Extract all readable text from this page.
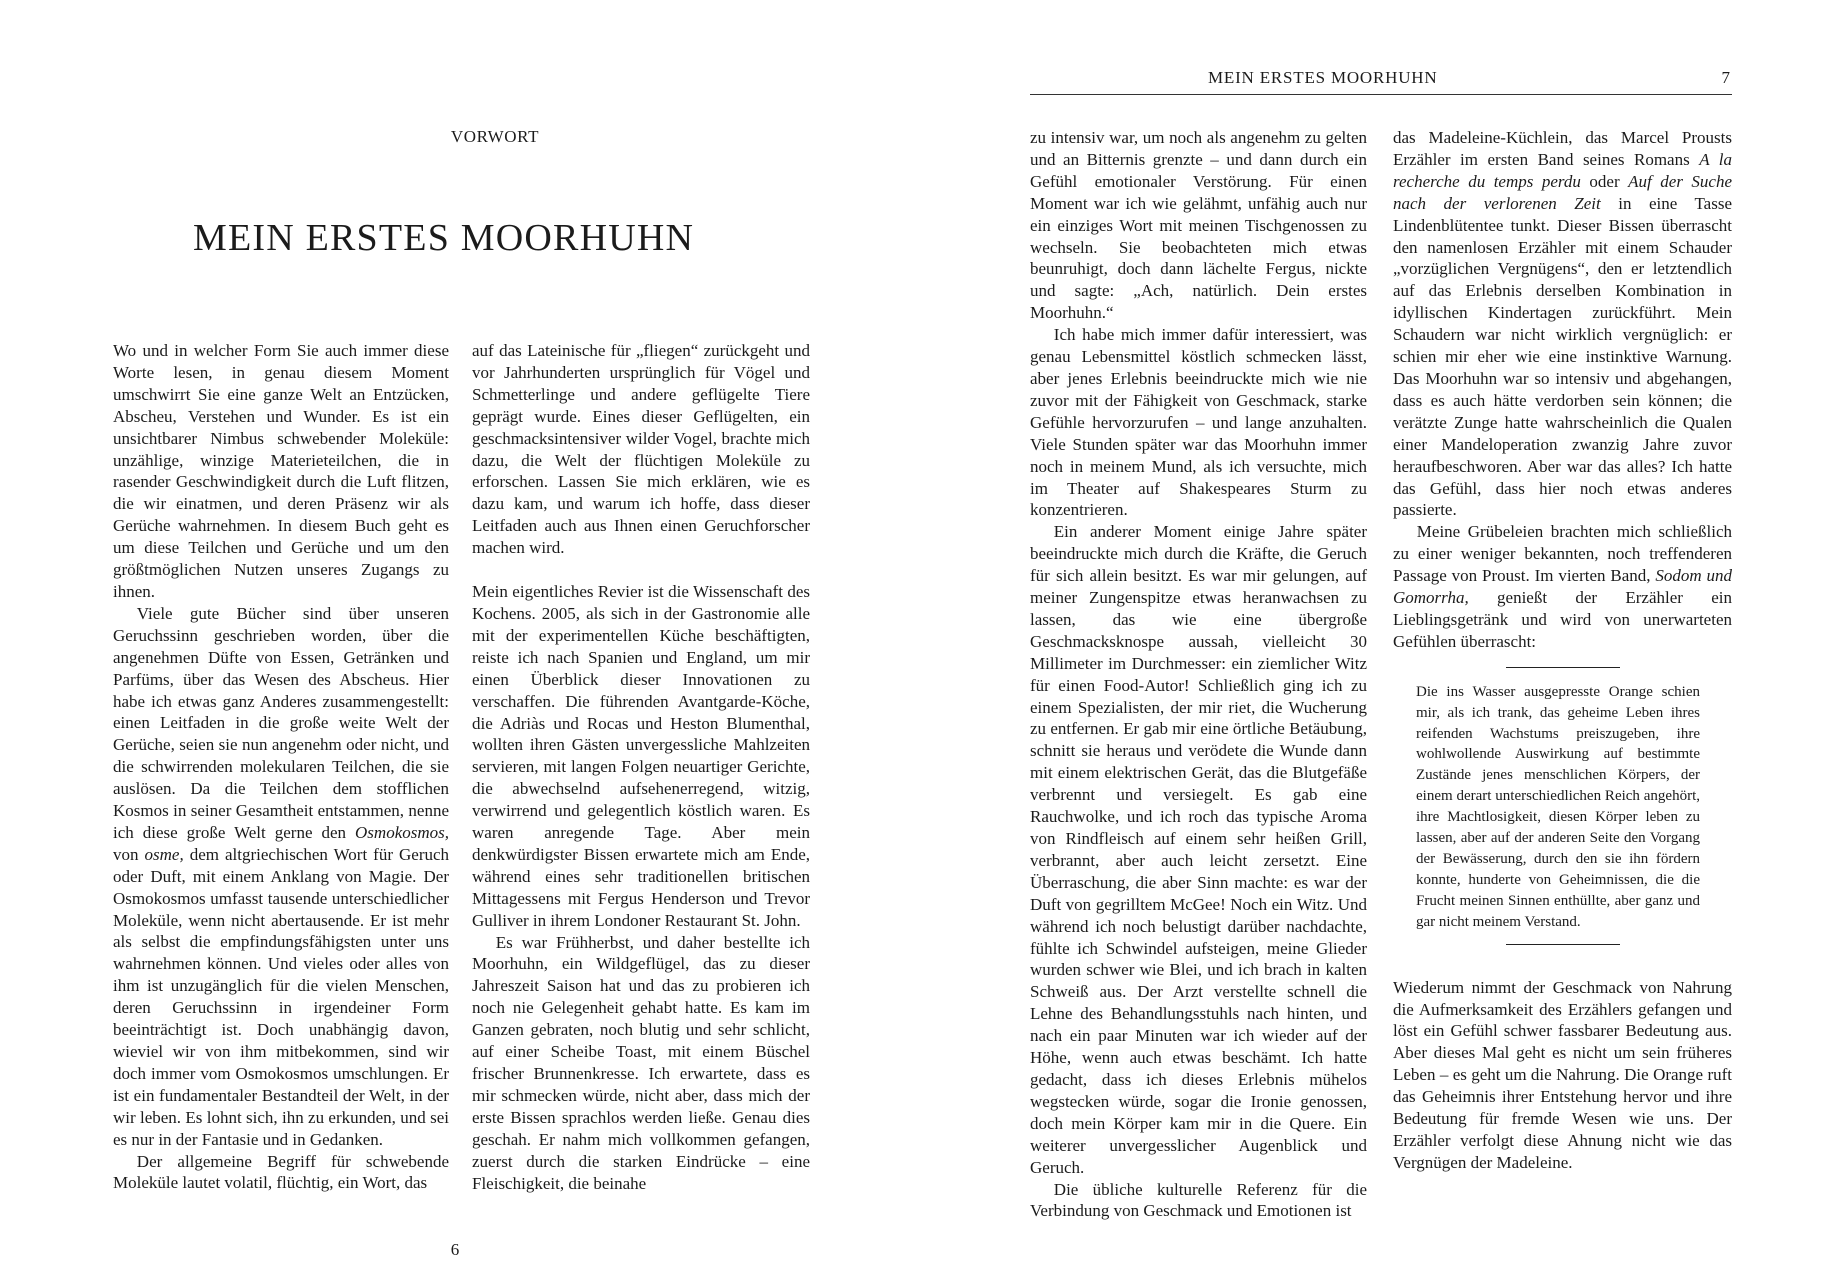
VORWORT
MEIN ERSTES MOORHUHN

Wo und in welcher Form Sie auch immer diese Worte lesen, in genau diesem Moment umschwirrt Sie eine ganze Welt an Entzücken, Abscheu, Verstehen und Wunder. Es ist ein unsichtbarer Nimbus schwebender Moleküle: unzählige, winzige Materieteilchen, die in rasender Geschwindigkeit durch die Luft flitzen, die wir einatmen, und deren Präsenz wir als Gerüche wahrnehmen. In diesem Buch geht es um diese Teilchen und Gerüche und um den größtmöglichen Nutzen unseres Zugangs zu ihnen.

Viele gute Bücher sind über unseren Geruchssinn geschrieben worden, über die angenehmen Düfte von Essen, Getränken und Parfüms, über das Wesen des Abscheus. Hier habe ich etwas ganz Anderes zusammengestellt: einen Leitfaden in die große weite Welt der Gerüche, seien sie nun angenehm oder nicht, und die schwirrenden molekularen Teilchen, die sie auslösen. Da die Teilchen dem stofflichen Kosmos in seiner Gesamtheit entstammen, nenne ich diese große Welt gerne den Osmokosmos, von osme, dem altgriechischen Wort für Geruch oder Duft, mit einem Anklang von Magie. Der Osmokosmos umfasst tausende unterschiedlicher Moleküle, wenn nicht abertausende. Er ist mehr als selbst die empfindungsfähigsten unter uns wahrnehmen können. Und vieles oder alles von ihm ist unzugänglich für die vielen Menschen, deren Geruchssinn in irgendeiner Form beeinträchtigt ist. Doch unabhängig davon, wieviel wir von ihm mitbekommen, sind wir doch immer vom Osmokosmos umschlungen. Er ist ein fundamentaler Bestandteil der Welt, in der wir leben. Es lohnt sich, ihn zu erkunden, und sei es nur in der Fantasie und in Gedanken.

Der allgemeine Begriff für schwebende Moleküle lautet volatil, flüchtig, ein Wort, das

auf das Lateinische für „fliegen“ zurückgeht und vor Jahrhunderten ursprünglich für Vögel und Schmetterlinge und andere geflügelte Tiere geprägt wurde. Eines dieser Geflügelten, ein geschmacksintensiver wilder Vogel, brachte mich dazu, die Welt der flüchtigen Moleküle zu erforschen. Lassen Sie mich erklären, wie es dazu kam, und warum ich hoffe, dass dieser Leitfaden auch aus Ihnen einen Geruchforscher machen wird.

Mein eigentliches Revier ist die Wissenschaft des Kochens. 2005, als sich in der Gastronomie alle mit der experimentellen Küche beschäftigten, reiste ich nach Spanien und England, um mir einen Überblick dieser Innovationen zu verschaffen. Die führenden Avantgarde-Köche, die Adriàs und Rocas und Heston Blumenthal, wollten ihren Gästen unvergessliche Mahlzeiten servieren, mit langen Folgen neuartiger Gerichte, die abwechselnd aufsehenerregend, witzig, verwirrend und gelegentlich köstlich waren. Es waren anregende Tage. Aber mein denkwürdigster Bissen erwartete mich am Ende, während eines sehr traditionellen britischen Mittagessens mit Fergus Henderson und Trevor Gulliver in ihrem Londoner Restaurant St. John.

Es war Frühherbst, und daher bestellte ich Moorhuhn, ein Wildgeflügel, das zu dieser Jahreszeit Saison hat und das zu probieren ich noch nie Gelegenheit gehabt hatte. Es kam im Ganzen gebraten, noch blutig und sehr schlicht, auf einer Scheibe Toast, mit einem Büschel frischer Brunnenkresse. Ich erwartete, dass es mir schmecken würde, nicht aber, dass mich der erste Bissen sprachlos werden ließe. Genau dies geschah. Er nahm mich vollkommen gefangen, zuerst durch die starken Eindrücke – eine Fleischigkeit, die beinahe

6
MEIN ERSTES MOORHUHN	7

zu intensiv war, um noch als angenehm zu gelten und an Bitternis grenzte – und dann durch ein Gefühl emotionaler Verstörung. Für einen Moment war ich wie gelähmt, unfähig auch nur ein einziges Wort mit meinen Tischgenossen zu wechseln. Sie beobachteten mich etwas beunruhigt, doch dann lächelte Fergus, nickte und sagte: „Ach, natürlich. Dein erstes Moorhuhn.“

Ich habe mich immer dafür interessiert, was genau Lebensmittel köstlich schmecken lässt, aber jenes Erlebnis beeindruckte mich wie nie zuvor mit der Fähigkeit von Geschmack, starke Gefühle hervorzurufen – und lange anzuhalten. Viele Stunden später war das Moorhuhn immer noch in meinem Mund, als ich versuchte, mich im Theater auf Shakespeares Sturm zu konzentrieren.

Ein anderer Moment einige Jahre später beeindruckte mich durch die Kräfte, die Geruch für sich allein besitzt. Es war mir gelungen, auf meiner Zungenspitze etwas heranwachsen zu lassen, das wie eine übergroße Geschmacksknospe aussah, vielleicht 30 Millimeter im Durchmesser: ein ziemlicher Witz für einen Food-Autor! Schließlich ging ich zu einem Spezialisten, der mir riet, die Wucherung zu entfernen. Er gab mir eine örtliche Betäubung, schnitt sie heraus und verödete die Wunde dann mit einem elektrischen Gerät, das die Blutgefäße verbrennt und versiegelt. Es gab eine Rauchwolke, und ich roch das typische Aroma von Rindfleisch auf einem sehr heißen Grill, verbrannt, aber auch leicht zersetzt. Eine Überraschung, die aber Sinn machte: es war der Duft von gegrilltem McGee! Noch ein Witz. Und während ich noch belustigt darüber nachdachte, fühlte ich Schwindel aufsteigen, meine Glieder wurden schwer wie Blei, und ich brach in kalten Schweiß aus. Der Arzt verstellte schnell die Lehne des Behandlungsstuhls nach hinten, und nach ein paar Minuten war ich wieder auf der Höhe, wenn auch etwas beschämt. Ich hatte gedacht, dass ich dieses Erlebnis mühelos wegstecken würde, sogar die Ironie genossen, doch mein Körper kam mir in die Quere. Ein weiterer unvergesslicher Augenblick und Geruch.

Die übliche kulturelle Referenz für die Verbindung von Geschmack und Emotionen ist

das Madeleine-Küchlein, das Marcel Prousts Erzähler im ersten Band seines Romans A la recherche du temps perdu oder Auf der Suche nach der verlorenen Zeit in eine Tasse Lindenblütentee tunkt. Dieser Bissen überrascht den namenlosen Erzähler mit einem Schauder „vorzüglichen Vergnügens“, den er letztendlich auf das Erlebnis derselben Kombination in idyllischen Kindertagen zurückführt. Mein Schaudern war nicht wirklich vergnüglich: er schien mir eher wie eine instinktive Warnung. Das Moorhuhn war so intensiv und abgehangen, dass es auch hätte verdorben sein können; die verätzte Zunge hatte wahrscheinlich die Qualen einer Mandeloperation zwanzig Jahre zuvor heraufbeschworen. Aber war das alles? Ich hatte das Gefühl, dass hier noch etwas anderes passierte.

Meine Grübeleien brachten mich schließlich zu einer weniger bekannten, noch treffenderen Passage von Proust. Im vierten Band, Sodom und Gomorrha, genießt der Erzähler ein Lieblingsgetränk und wird von unerwarteten Gefühlen überrascht:

Die ins Wasser ausgepresste Orange schien mir, als ich trank, das geheime Leben ihres reifenden Wachstums preiszugeben, ihre wohlwollende Auswirkung auf bestimmte Zustände jenes menschlichen Körpers, der einem derart unterschiedlichen Reich angehört, ihre Machtlosigkeit, diesen Körper leben zu lassen, aber auf der anderen Seite den Vorgang der Bewässerung, durch den sie ihn fördern konnte, hunderte von Geheimnissen, die die Frucht meinen Sinnen enthüllte, aber ganz und gar nicht meinem Verstand.

Wiederum nimmt der Geschmack von Nahrung die Aufmerksamkeit des Erzählers gefangen und löst ein Gefühl schwer fassbarer Bedeutung aus. Aber dieses Mal geht es nicht um sein früheres Leben – es geht um die Nahrung. Die Orange ruft das Geheimnis ihrer Entstehung hervor und ihre Bedeutung für fremde Wesen wie uns. Der Erzähler verfolgt diese Ahnung nicht wie das Vergnügen der Madeleine.
